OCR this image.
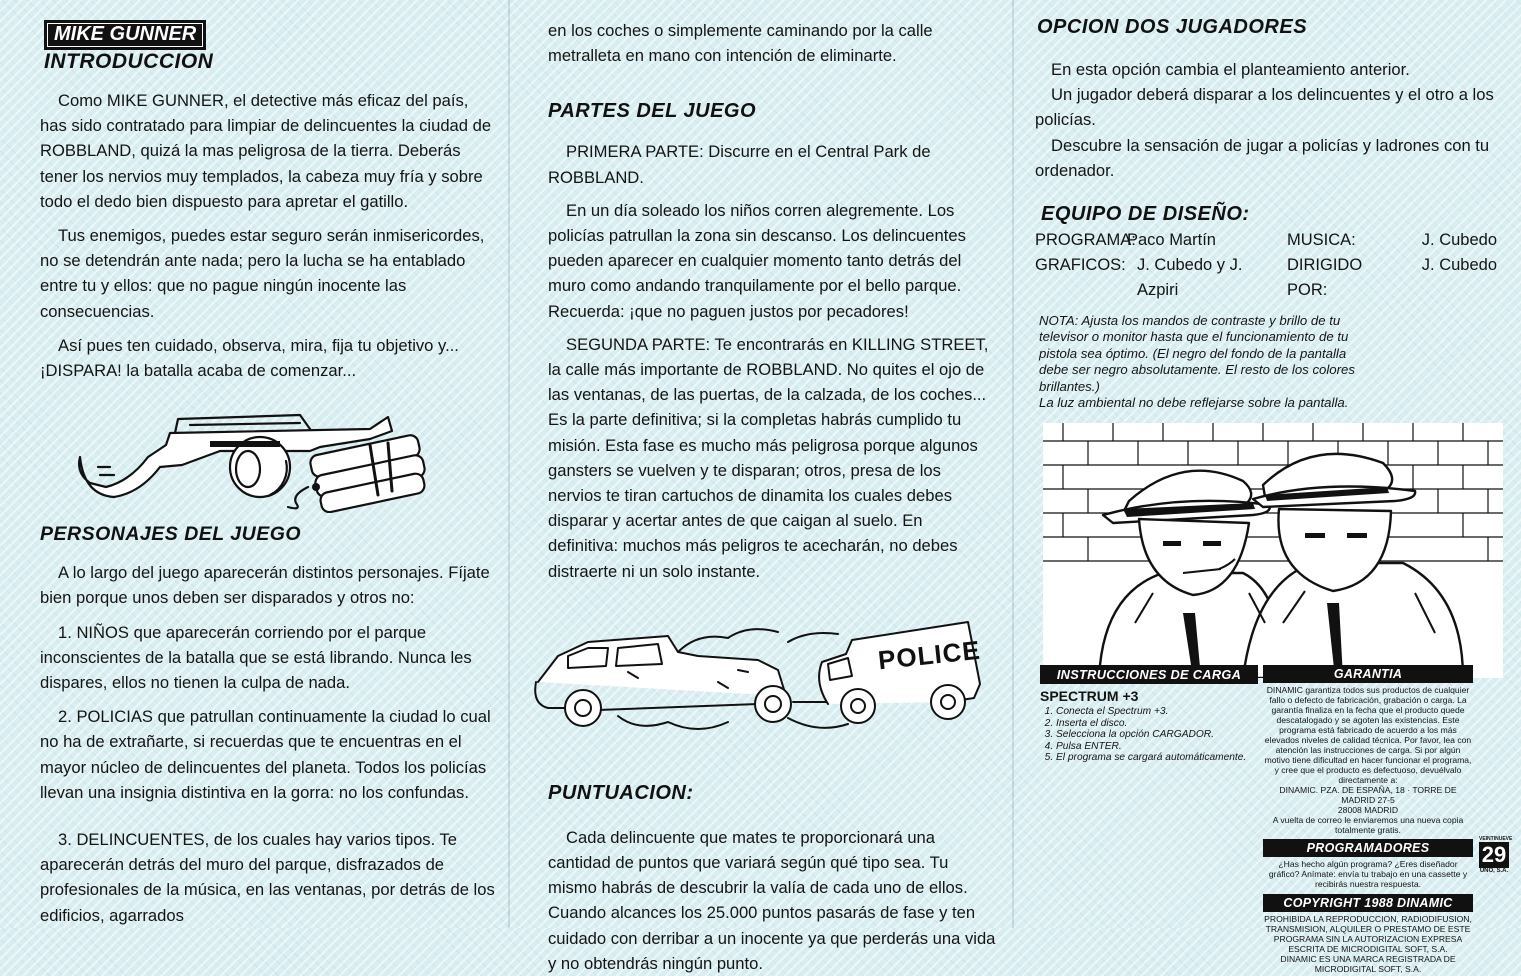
MIKE GUNNER
INTRODUCCION

Como MIKE GUNNER, el detective más eficaz del país, has sido contratado para limpiar de delincuentes la ciudad de ROBBLAND, quizá la mas peligrosa de la tierra. Deberás tener los nervios muy templados, la cabeza muy fría y sobre todo el dedo bien dispuesto para apretar el gatillo.

Tus enemigos, puedes estar seguro serán inmisericordes, no se detendrán ante nada; pero la lucha se ha entablado entre tu y ellos: que no pague ningún inocente las consecuencias.

Así pues ten cuidado, observa, mira, fija tu objetivo y... ¡DISPARA! la batalla acaba de comenzar...

PERSONAJES DEL JUEGO

A lo largo del juego aparecerán distintos personajes. Fíjate bien porque unos deben ser disparados y otros no:

1. NIÑOS que aparecerán corriendo por el parque inconscientes de la batalla que se está librando. Nunca les dispares, ellos no tienen la culpa de nada.

2. POLICIAS que patrullan continuamente la ciudad lo cual no ha de extrañarte, si recuerdas que te encuentras en el mayor núcleo de delincuentes del planeta. Todos los policías llevan una insignia distintiva en la gorra: no los confundas.

3. DELINCUENTES, de los cuales hay varios tipos. Te aparecerán detrás del muro del parque, disfrazados de profesionales de la música, en las ventanas, por detrás de los edificios, agarrados

en los coches o simplemente caminando por la calle metralleta en mano con intención de eliminarte.

PARTES DEL JUEGO

PRIMERA PARTE: Discurre en el Central Park de ROBBLAND.

En un día soleado los niños corren alegremente. Los policías patrullan la zona sin descanso. Los delincuentes pueden aparecer en cualquier momento tanto detrás del muro como andando tranquilamente por el bello parque. Recuerda: ¡que no paguen justos por pecadores!

SEGUNDA PARTE: Te encontrarás en KILLING STREET, la calle más importante de ROBBLAND. No quites el ojo de las ventanas, de las puertas, de la calzada, de los coches... Es la parte definitiva; si la completas habrás cumplido tu misión. Esta fase es mucho más peligrosa porque algunos gansters se vuelven y te disparan; otros, presa de los nervios te tiran cartuchos de dinamita los cuales debes disparar y acertar antes de que caigan al suelo. En definitiva: muchos más peligros te acecharán, no debes distraerte ni un solo instante.

POLICE
PUNTUACION:

Cada delincuente que mates te proporcionará una cantidad de puntos que variará según qué tipo sea. Tu mismo habrás de descubrir la valía de cada uno de ellos. Cuando alcances los 25.000 puntos pasarás de fase y ten cuidado con derribar a un inocente ya que perderás una vida y no obtendrás ningún punto.

OPCION DOS JUGADORES

En esta opción cambia el planteamiento anterior.

Un jugador deberá disparar a los delincuentes y el otro a los policías.

Descubre la sensación de jugar a policías y ladrones con tu ordenador.

EQUIPO DE DISEÑO:
PROGRAMA:
Paco Martín	MUSICA:	J. Cubedo
GRAFICOS: J. Cubedo y J. Azpiri
DIRIGIDO POR:
J. Cubedo
NOTA: Ajusta los mandos de contraste y brillo de tu televisor o monitor hasta que el funcionamiento de tu pistola sea óptimo. (El negro del fondo de la pantalla debe ser negro absolutamente. El resto de los colores brillantes.)
La luz ambiental no debe reflejarse sobre la pantalla.
INSTRUCCIONES DE CARGA
SPECTRUM +3
1. Conecta el Spectrum +3.
2. Inserta el disco.
3. Selecciona la opción CARGADOR.
4. Pulsa ENTER.
5. El programa se cargará automáticamente.
GARANTIA
DINAMIC garantiza todos sus productos de cualquier fallo o defecto de fabricación, grabación o carga. La garantía finaliza en la fecha que el producto quede descatalogado y se agoten las existencias. Este programa está fabricado de acuerdo a los más elevados niveles de calidad técnica. Por favor, lea con atención las instrucciones de carga. Si por algún motivo tiene dificultad en hacer funcionar el programa, y cree que el producto es defectuoso, devuélvalo directamente a:
DINAMIC. PZA. DE ESPAÑA, 18 · TORRE DE MADRID 27-5
28008 MADRID
A vuelta de correo le enviaremos una nueva copia totalmente gratis.
PROGRAMADORES
¿Has hecho algún programa? ¿Eres diseñador gráfico? Anímate: envía tu trabajo en una cassette y recibirás nuestra respuesta.
COPYRIGHT 1988 DINAMIC
PROHIBIDA LA REPRODUCCION, RADIODIFUSION, TRANSMISION, ALQUILER O PRESTAMO DE ESTE PROGRAMA SIN LA AUTORIZACION EXPRESA ESCRITA DE MICRODIGITAL SOFT, S.A.
DINAMIC ES UNA MARCA REGISTRADA DE MICRODIGITAL SOFT, S.A.
VEINTINUEVE
29
UNO, S.A.
